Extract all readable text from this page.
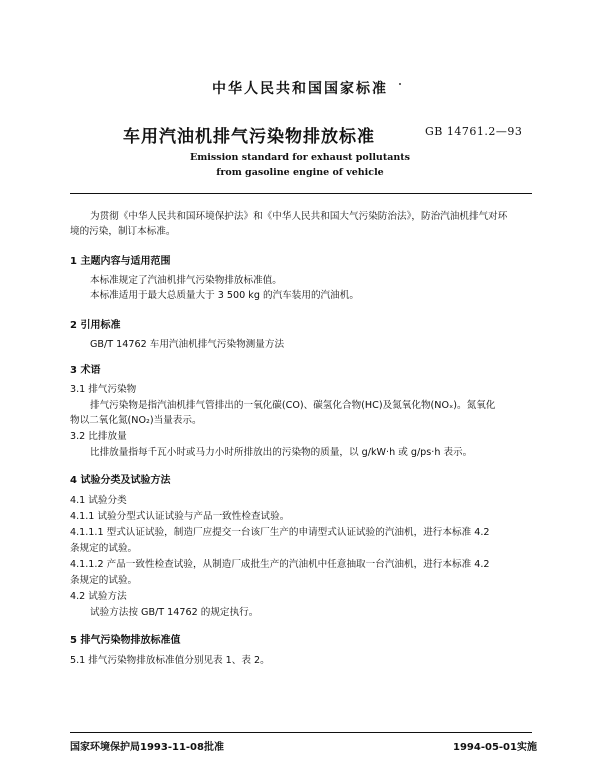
中华人民共和国国家标准
车用汽油机排气污染物排放标准	GB 14761.2—93
Emission standard for exhaust pollutants
from gasoline engine of vehicle
为贯彻《中华人民共和国环境保护法》和《中华人民共和国大气污染防治法》，防治汽油机排气对环
境的污染，制订本标准。
1 主题内容与适用范围
本标准规定了汽油机排气污染物排放标准值。
本标准适用于最大总质量大于 3 500 kg 的汽车装用的汽油机。
2 引用标准
GB/T 14762 车用汽油机排气污染物测量方法
3 术语
3.1 排气污染物
排气污染物是指汽油机排气管排出的一氧化碳(CO)、碳氢化合物(HC)及氮氧化物(NOₓ)。氮氧化
物以二氧化氮(NO₂)当量表示。
3.2 比排放量
比排放量指每千瓦小时或马力小时所排放出的污染物的质量，以 g/kW·h 或 g/ps·h 表示。
4 试验分类及试验方法
4.1 试验分类
4.1.1 试验分型式认证试验与产品一致性检查试验。
4.1.1.1 型式认证试验，制造厂应提交一台该厂生产的申请型式认证试验的汽油机，进行本标准 4.2
条规定的试验。
4.1.1.2 产品一致性检查试验，从制造厂成批生产的汽油机中任意抽取一台汽油机，进行本标准 4.2
条规定的试验。
4.2 试验方法
试验方法按 GB/T 14762 的规定执行。
5 排气污染物排放标准值
5.1 排气污染物排放标准值分别见表 1、表 2。
国家环境保护局1993-11-08批准	1994-05-01实施
